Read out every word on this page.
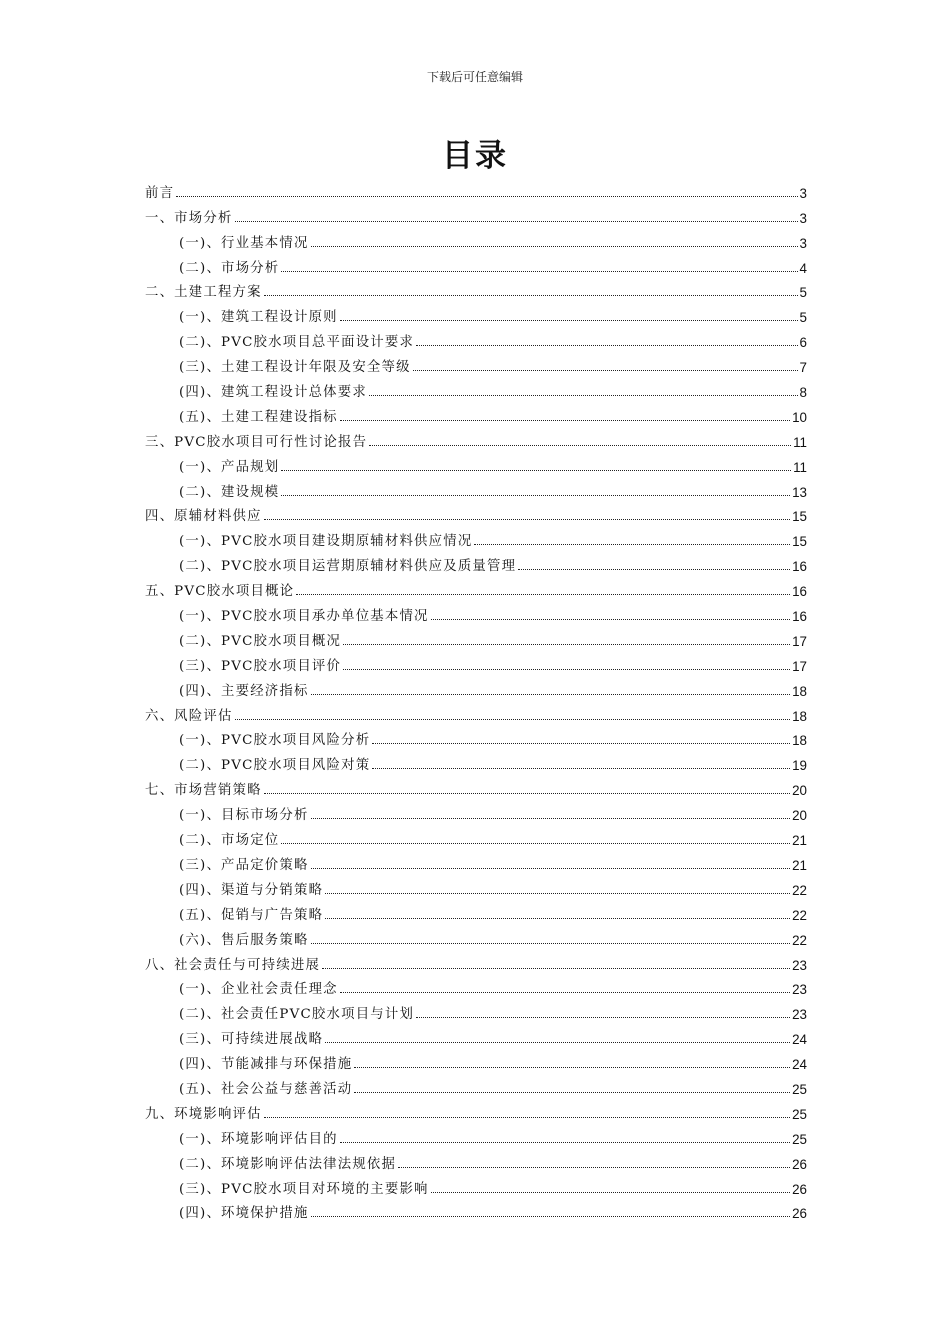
下载后可任意编辑
目录
前言	3
一、市场分析	3
(一)、行业基本情况	3
(二)、市场分析	4
二、土建工程方案	5
(一)、建筑工程设计原则	5
(二)、PVC胶水项目总平面设计要求	6
(三)、土建工程设计年限及安全等级	7
(四)、建筑工程设计总体要求	8
(五)、土建工程建设指标	10
三、PVC胶水项目可行性讨论报告	11
(一)、产品规划	11
(二)、建设规模	13
四、原辅材料供应	15
(一)、PVC胶水项目建设期原辅材料供应情况	15
(二)、PVC胶水项目运营期原辅材料供应及质量管理	16
五、PVC胶水项目概论	16
(一)、PVC胶水项目承办单位基本情况	16
(二)、PVC胶水项目概况	17
(三)、PVC胶水项目评价	17
(四)、主要经济指标	18
六、风险评估	18
(一)、PVC胶水项目风险分析	18
(二)、PVC胶水项目风险对策	19
七、市场营销策略	20
(一)、目标市场分析	20
(二)、市场定位	21
(三)、产品定价策略	21
(四)、渠道与分销策略	22
(五)、促销与广告策略	22
(六)、售后服务策略	22
八、社会责任与可持续进展	23
(一)、企业社会责任理念	23
(二)、社会责任PVC胶水项目与计划	23
(三)、可持续进展战略	24
(四)、节能减排与环保措施	24
(五)、社会公益与慈善活动	25
九、环境影响评估	25
(一)、环境影响评估目的	25
(二)、环境影响评估法律法规依据	26
(三)、PVC胶水项目对环境的主要影响	26
(四)、环境保护措施	26
